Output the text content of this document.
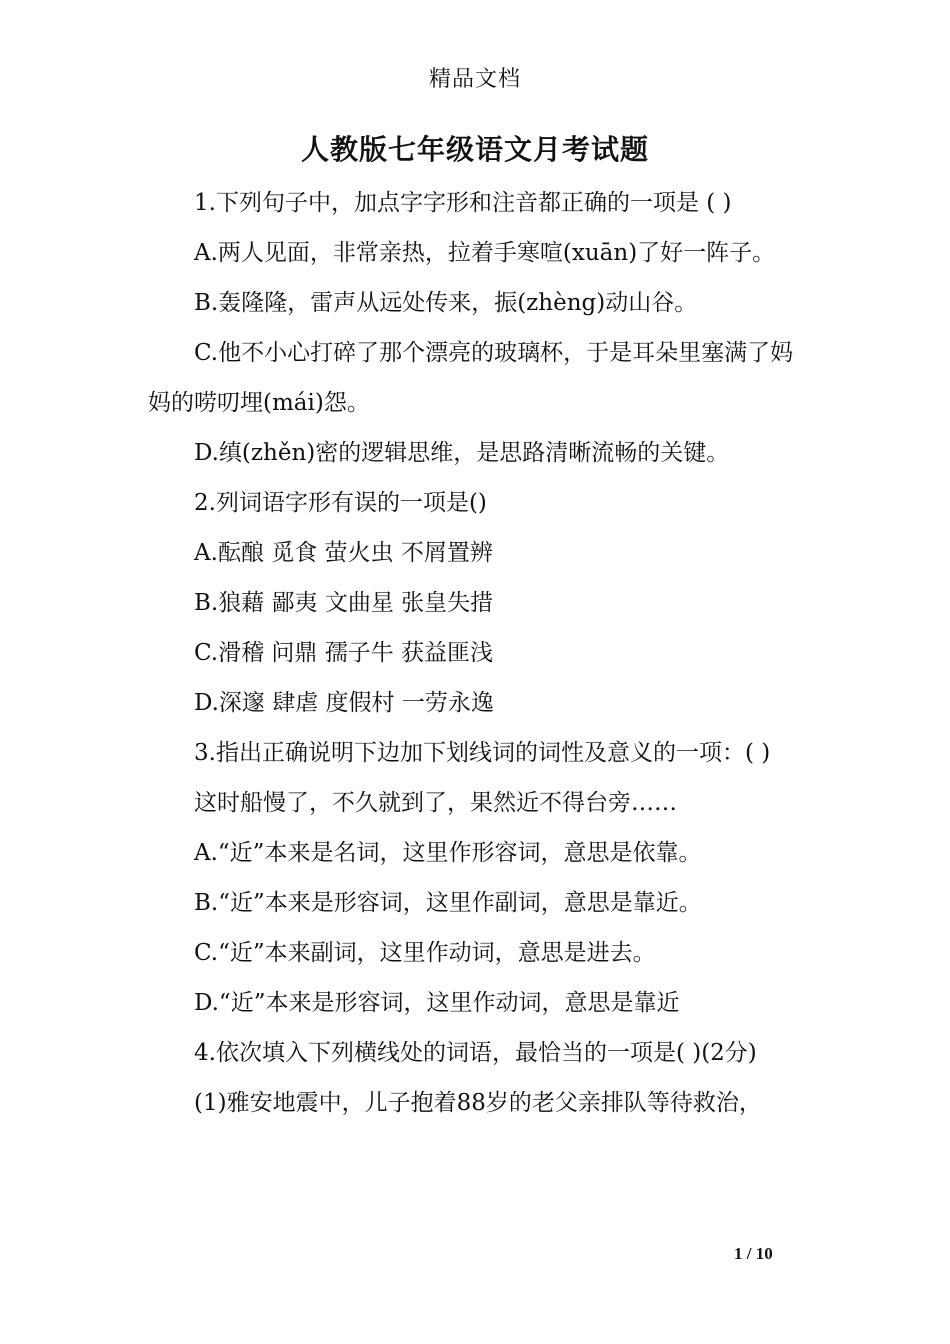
精品文档
人教版七年级语文月考试题
1.下列句子中，加点字字形和注音都正确的一项是 ( )
A.两人见面，非常亲热，拉着手寒喧(xuān)了好一阵子。
B.轰隆隆，雷声从远处传来，振(zhèng)动山谷。
C.他不小心打碎了那个漂亮的玻璃杯，于是耳朵里塞满了妈妈的唠叨埋(mái)怨。
D.缜(zhěn)密的逻辑思维，是思路清晰流畅的关键。
2.列词语字形有误的一项是()
A.酝酿 觅食 萤火虫 不屑置辨
B.狼藉 鄙夷 文曲星 张皇失措
C.滑稽 问鼎 孺子牛 获益匪浅
D.深邃 肆虐 度假村 一劳永逸
3.指出正确说明下边加下划线词的词性及意义的一项：( )
这时船慢了，不久就到了，果然近不得台旁……
A.“近”本来是名词，这里作形容词，意思是依靠。
B.“近”本来是形容词，这里作副词，意思是靠近。
C.“近”本来副词，这里作动词，意思是进去。
D.“近”本来是形容词，这里作动词，意思是靠近
4.依次填入下列横线处的词语，最恰当的一项是( )(2分)
(1)雅安地震中，儿子抱着88岁的老父亲排队等待救治，
1 / 10
